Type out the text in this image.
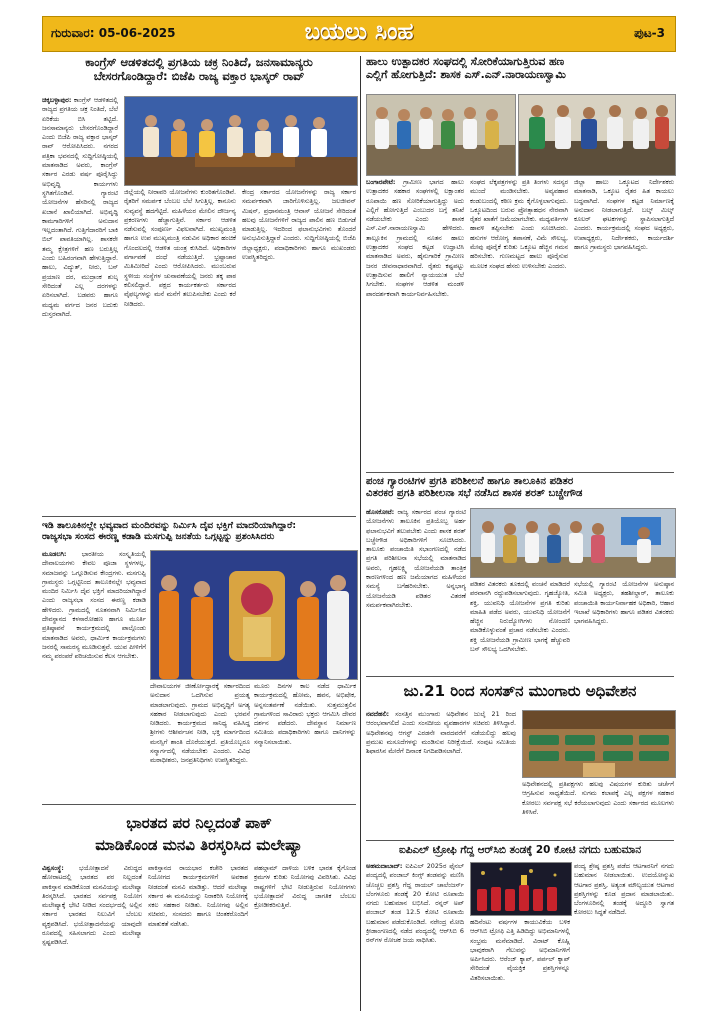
ಗುರುವಾರ: 05-06-2025	ಬಯಲು ಸಿಂಹ	ಪುಟ-3
ಕಾಂಗ್ರೆಸ್ ಆಡಳಿತದಲ್ಲಿ ಪ್ರಗತಿಯ ಚಕ್ರ ನಿಂತಿದೆ, ಜನಸಾಮಾನ್ಯರು
ಬೇಸರಗೊಂಡಿದ್ದಾರೆ: ಬಿಜೆಪಿ ರಾಜ್ಯ ವಕ್ತಾರ ಭಾಸ್ಕರ್ ರಾವ್

ಚಿಕ್ಕಬಳ್ಳಾಪುರ: ಕಾಂಗ್ರೆಸ್ ಆಡಳಿತದಲ್ಲಿ ರಾಜ್ಯದ ಪ್ರಗತಿಯ ಚಕ್ರ ನಿಂತಿದೆ, ಬೆಲೆ ಏರಿಕೆಯ ಬಿಸಿ ತಟ್ಟಿದೆ. ಜನಸಾಮಾನ್ಯರು ಬೇಸರಗೊಂಡಿದ್ದಾರೆ ಎಂದು ಬಿಜೆಪಿ ರಾಜ್ಯ ವಕ್ತಾರ ಭಾಸ್ಕರ್ ರಾವ್ ಆರೋಪಿಸಿದರು. ನಗರದ ಪತ್ರಿಕಾ ಭವನದಲ್ಲಿ ಸುದ್ದಿಗೋಷ್ಠಿಯಲ್ಲಿ ಮಾತನಾಡಿದ ಅವರು, ಕಾಂಗ್ರೆಸ್ ಸರ್ಕಾರ ಎರಡು ವರ್ಷ ಪೂರೈಸಿದ್ದು ಅಭಿವೃದ್ಧಿ ಕಾರ್ಯಗಳು ಸ್ಥಗಿತಗೊಂಡಿವೆ. ಗ್ಯಾರಂಟಿ ಯೋಜನೆಗಳ ಹೆಸರಿನಲ್ಲಿ ರಾಜ್ಯದ ಖಜಾನೆ ಖಾಲಿಯಾಗಿದೆ. ಅಭಿವೃದ್ಧಿ ಕಾಮಗಾರಿಗಳಿಗೆ ಅನುದಾನ ಇಲ್ಲದಂತಾಗಿದೆ. ಗುತ್ತಿಗೆದಾರರಿಗೆ ಬಾಕಿ ಬಿಲ್ ಪಾವತಿಯಾಗಿಲ್ಲ. ಶಾಸಕರೇ ತಮ್ಮ ಕ್ಷೇತ್ರಗಳಿಗೆ ಹಣ ಬರುತ್ತಿಲ್ಲ ಎಂದು ಬಹಿರಂಗವಾಗಿ ಹೇಳುತ್ತಿದ್ದಾರೆ. ಹಾಲು, ವಿದ್ಯುತ್, ನೀರು, ಬಸ್ ಪ್ರಯಾಣ ದರ, ಮುದ್ರಾಂಕ ಶುಲ್ಕ ಸೇರಿದಂತೆ ಎಲ್ಲ ದರಗಳನ್ನು ಏರಿಸಲಾಗಿದೆ. ಬಡವರು ಹಾಗೂ ಮಧ್ಯಮ ವರ್ಗದ ಜನರ ಬದುಕು ದುಸ್ತರವಾಗಿದೆ.

ಜಿಲ್ಲೆಯಲ್ಲಿ ನೀರಾವರಿ ಯೋಜನೆಗಳು ಕುಂಠಿತಗೊಂಡಿವೆ. ರೈತರಿಗೆ ಸಮರ್ಪಕ ಬೆಂಬಲ ಬೆಲೆ ಸಿಗುತ್ತಿಲ್ಲ. ಕಾನೂನು ಸುವ್ಯವಸ್ಥೆ ಹದಗೆಟ್ಟಿದೆ. ಮಹಿಳೆಯರ ಮೇಲಿನ ದೌರ್ಜನ್ಯ ಪ್ರಕರಣಗಳು ಹೆಚ್ಚಾಗುತ್ತಿವೆ. ಸರ್ಕಾರ ಆಡಳಿತ ನಡೆಸುವಲ್ಲಿ ಸಂಪೂರ್ಣ ವಿಫಲವಾಗಿದೆ. ಮುಖ್ಯಮಂತ್ರಿ ಹಾಗೂ ಉಪ ಮುಖ್ಯಮಂತ್ರಿ ನಡುವಿನ ಅಧಿಕಾರ ಹಂಚಿಕೆ ಗೊಂದಲದಲ್ಲಿ ಆಡಳಿತ ಯಂತ್ರ ಕುಸಿದಿದೆ. ಅಧಿಕಾರಿಗಳ ವರ್ಗಾವಣೆ ದಂಧೆ ನಡೆಯುತ್ತಿದೆ. ಭ್ರಷ್ಟಾಚಾರ ಮಿತಿಮೀರಿದೆ ಎಂದು ಆರೋಪಿಸಿದರು. ಮುಂಬರುವ ಸ್ಥಳೀಯ ಸಂಸ್ಥೆಗಳ ಚುನಾವಣೆಯಲ್ಲಿ ಜನರು ತಕ್ಕ ಪಾಠ ಕಲಿಸಲಿದ್ದಾರೆ. ಪಕ್ಷದ ಕಾರ್ಯಕರ್ತರು ಸರ್ಕಾರದ ವೈಫಲ್ಯಗಳನ್ನು ಮನೆ ಮನೆಗೆ ತಲುಪಿಸಬೇಕು ಎಂದು ಕರೆ ನೀಡಿದರು.

ಕೇಂದ್ರ ಸರ್ಕಾರದ ಯೋಜನೆಗಳನ್ನು ರಾಜ್ಯ ಸರ್ಕಾರ ಸಮರ್ಪಕವಾಗಿ ಜಾರಿಗೊಳಿಸುತ್ತಿಲ್ಲ. ಜಲಜೀವನ್ ಮಿಷನ್, ಪ್ರಧಾನಮಂತ್ರಿ ಆವಾಸ್ ಯೋಜನೆ ಸೇರಿದಂತೆ ಹಲವು ಯೋಜನೆಗಳಿಗೆ ರಾಜ್ಯದ ಪಾಲಿನ ಹಣ ಬಿಡುಗಡೆ ಮಾಡುತ್ತಿಲ್ಲ. ಇದರಿಂದ ಫಲಾನುಭವಿಗಳು ತೊಂದರೆ ಅನುಭವಿಸುತ್ತಿದ್ದಾರೆ ಎಂದರು. ಸುದ್ದಿಗೋಷ್ಠಿಯಲ್ಲಿ ಬಿಜೆಪಿ ಜಿಲ್ಲಾಧ್ಯಕ್ಷರು, ಪದಾಧಿಕಾರಿಗಳು ಹಾಗೂ ಮುಖಂಡರು ಉಪಸ್ಥಿತರಿದ್ದರು.

ಇಡಿ ತಾಲೂಕಿನಲ್ಲೇ ಭವ್ಯವಾದ ಮಂದಿರವನ್ನು ನಿರ್ಮಿಸಿ ದೈವ ಭಕ್ತಿಗೆ ಮಾದರಿಯಾಗಿದ್ದಾರೆ:
ರಾಜ್ಯಸಭಾ ಸಂಸದ ಈರಣ್ಣ ಕಡಾಡಿ ಮಸಗುಪ್ಪಿ ಜನತೆಯ ಒಗ್ಗಟ್ಟನ್ನು ಪ್ರಶಂಸಿಸಿದರು

ಮೂಡಲಗಿ: ಭಾರತೀಯ ಸಂಸ್ಕೃತಿಯಲ್ಲಿ ದೇವಾಲಯಗಳು ಕೇವಲ ಪೂಜಾ ಸ್ಥಳಗಳಲ್ಲ, ಸಮಾಜವನ್ನು ಒಗ್ಗೂಡಿಸುವ ಕೇಂದ್ರಗಳು. ಮಸಗುಪ್ಪಿ ಗ್ರಾಮಸ್ಥರು ಒಗ್ಗಟ್ಟಿನಿಂದ ತಾಲೂಕಿನಲ್ಲೇ ಭವ್ಯವಾದ ಮಂದಿರ ನಿರ್ಮಿಸಿ ದೈವ ಭಕ್ತಿಗೆ ಮಾದರಿಯಾಗಿದ್ದಾರೆ ಎಂದು ರಾಜ್ಯಸಭಾ ಸಂಸದ ಈರಣ್ಣ ಕಡಾಡಿ ಹೇಳಿದರು. ಗ್ರಾಮದಲ್ಲಿ ನೂತನವಾಗಿ ನಿರ್ಮಿಸಿದ ದೇವಸ್ಥಾನದ ಕಳಸಾರೋಹಣ ಹಾಗೂ ಮೂರ್ತಿ ಪ್ರತಿಷ್ಠಾಪನೆ ಕಾರ್ಯಕ್ರಮದಲ್ಲಿ ಪಾಲ್ಗೊಂಡು ಮಾತನಾಡಿದ ಅವರು, ಧಾರ್ಮಿಕ ಕಾರ್ಯಕ್ರಮಗಳು ಜನರಲ್ಲಿ ಸಾಮರಸ್ಯ ಮೂಡಿಸುತ್ತವೆ. ಯುವ ಪೀಳಿಗೆಗೆ ನಮ್ಮ ಪರಂಪರೆ ಪರಿಚಯಿಸುವ ಕೆಲಸ ಆಗಬೇಕು.

ದೇವಾಲಯಗಳ ಜೀರ್ಣೋದ್ಧಾರಕ್ಕೆ ಸರ್ಕಾರದಿಂದ ಅನುದಾನ ಒದಗಿಸುವ ಪ್ರಯತ್ನ ಮಾಡಲಾಗುವುದು. ಗ್ರಾಮದ ಅಭಿವೃದ್ಧಿಗೆ ಅಗತ್ಯ ಸಹಕಾರ ನೀಡಲಾಗುವುದು ಎಂದು ಭರವಸೆ ನೀಡಿದರು. ಕಾರ್ಯಕ್ರಮದ ಸಾನಿಧ್ಯ ವಹಿಸಿದ್ದ ಶ್ರೀಗಳು ಆಶೀರ್ವಚನ ನೀಡಿ, ಭಕ್ತಿ ಮಾರ್ಗದಿಂದ ಮನಸ್ಸಿಗೆ ಶಾಂತಿ ದೊರೆಯುತ್ತದೆ. ಪ್ರತಿಯೊಬ್ಬರೂ ಸನ್ಮಾರ್ಗದಲ್ಲಿ ನಡೆಯಬೇಕು ಎಂದರು. ವಿವಿಧ ಮಠಾಧೀಶರು, ಜನಪ್ರತಿನಿಧಿಗಳು ಉಪಸ್ಥಿತರಿದ್ದರು.

ಮೂರು ದಿನಗಳ ಕಾಲ ನಡೆದ ಧಾರ್ಮಿಕ ಕಾರ್ಯಕ್ರಮದಲ್ಲಿ ಹೋಮ, ಹವನ, ಅಭಿಷೇಕ, ಅನ್ನಸಂತರ್ಪಣೆ ನಡೆಯಿತು. ಸುತ್ತಮುತ್ತಲಿನ ಗ್ರಾಮಗಳಿಂದ ಸಾವಿರಾರು ಭಕ್ತರು ಆಗಮಿಸಿ ದೇವರ ದರ್ಶನ ಪಡೆದರು. ದೇವಸ್ಥಾನ ನಿರ್ಮಾಣ ಸಮಿತಿಯ ಪದಾಧಿಕಾರಿಗಳು ಹಾಗೂ ದಾನಿಗಳನ್ನು ಸನ್ಮಾನಿಸಲಾಯಿತು.

ಭಾರತದ ಪರ ನಿಲ್ಲದಂತೆ ಪಾಕ್
ಮಾಡಿಕೊಂಡ ಮನವಿ ತಿರಸ್ಕರಿಸಿದ ಮಲೇಷ್ಯಾ

ವಿಶ್ವಸಂಸ್ಥೆ: ಭಯೋತ್ಪಾದನೆ ವಿರುದ್ಧದ ಹೋರಾಟದಲ್ಲಿ ಭಾರತದ ಪರ ನಿಲ್ಲದಂತೆ ಪಾಕಿಸ್ತಾನ ಮಾಡಿಕೊಂಡ ಮನವಿಯನ್ನು ಮಲೇಷ್ಯಾ ತಿರಸ್ಕರಿಸಿದೆ. ಭಾರತದ ಸರ್ವಪಕ್ಷ ನಿಯೋಗ ಮಲೇಷ್ಯಾಕ್ಕೆ ಭೇಟಿ ನೀಡಿದ ಸಂದರ್ಭದಲ್ಲಿ ಅಲ್ಲಿನ ಸರ್ಕಾರ ಭಾರತದ ನಿಲುವಿಗೆ ಬೆಂಬಲ ವ್ಯಕ್ತಪಡಿಸಿದೆ. ಭಯೋತ್ಪಾದನೆಯನ್ನು ಯಾವುದೇ ರೂಪದಲ್ಲಿ ಸಹಿಸಲಾಗದು ಎಂದು ಮಲೇಷ್ಯಾ ಸ್ಪಷ್ಟಪಡಿಸಿದೆ.

ಪಾಕಿಸ್ತಾನದ ರಾಯಭಾರ ಕಚೇರಿ ಭಾರತದ ನಿಯೋಗದ ಕಾರ್ಯಕ್ರಮಗಳಿಗೆ ಅವಕಾಶ ನೀಡದಂತೆ ಮನವಿ ಮಾಡಿತ್ತು. ಆದರೆ ಮಲೇಷ್ಯಾ ಸರ್ಕಾರ ಈ ಮನವಿಯನ್ನು ನಿರಾಕರಿಸಿ ನಿಯೋಗಕ್ಕೆ ಸಕಲ ಸಹಕಾರ ನೀಡಿತು. ನಿಯೋಗವು ಅಲ್ಲಿನ ಸಚಿವರು, ಸಂಸದರು ಹಾಗೂ ಚಿಂತಕರೊಂದಿಗೆ ಮಾತುಕತೆ ನಡೆಸಿತು.

ಪಹಲ್ಗಾಮ್ ದಾಳಿಯ ಬಳಿಕ ಭಾರತ ಕೈಗೊಂಡ ಕ್ರಮಗಳ ಕುರಿತು ನಿಯೋಗವು ವಿವರಿಸಿತು. ವಿವಿಧ ರಾಷ್ಟ್ರಗಳಿಗೆ ಭೇಟಿ ನೀಡುತ್ತಿರುವ ನಿಯೋಗಗಳು ಭಯೋತ್ಪಾದನೆ ವಿರುದ್ಧ ಜಾಗತಿಕ ಬೆಂಬಲ ಕ್ರೋಡೀಕರಿಸುತ್ತಿವೆ.

ಹಾಲು ಉತ್ಪಾದಕರ ಸಂಘದಲ್ಲಿ ಸೋರಿಕೆಯಾಗುತ್ತಿರುವ ಹಣ
ಎಲ್ಲಿಗೆ ಹೋಗುತ್ತಿದೆ: ಶಾಸಕ ಎಸ್.ಎನ್.ನಾರಾಯಣಸ್ವಾಮಿ

ಬಂಗಾರಪೇಟೆ: ಗ್ರಾಮೀಣ ಭಾಗದ ಹಾಲು ಉತ್ಪಾದಕರ ಸಹಕಾರ ಸಂಘಗಳಲ್ಲಿ ಲಕ್ಷಾಂತರ ರೂಪಾಯಿ ಹಣ ಸೋರಿಕೆಯಾಗುತ್ತಿದ್ದು ಅದು ಎಲ್ಲಿಗೆ ಹೋಗುತ್ತಿದೆ ಎಂಬುದರ ಬಗ್ಗೆ ತನಿಖೆ ನಡೆಯಬೇಕು ಎಂದು ಶಾಸಕ ಎಸ್.ಎನ್.ನಾರಾಯಣಸ್ವಾಮಿ ಹೇಳಿದರು. ತಾಲ್ಲೂಕಿನ ಗ್ರಾಮದಲ್ಲಿ ನೂತನ ಹಾಲು ಉತ್ಪಾದಕರ ಸಂಘದ ಕಟ್ಟಡ ಉದ್ಘಾಟಿಸಿ ಮಾತನಾಡಿದ ಅವರು, ಹೈನುಗಾರಿಕೆ ಗ್ರಾಮೀಣ ಜನರ ಜೀವನಾಧಾರವಾಗಿದೆ. ರೈತರು ಕಷ್ಟಪಟ್ಟು ಉತ್ಪಾದಿಸುವ ಹಾಲಿಗೆ ನ್ಯಾಯಯುತ ಬೆಲೆ ಸಿಗಬೇಕು. ಸಂಘಗಳ ಆಡಳಿತ ಮಂಡಳಿ ಪಾರದರ್ಶಕವಾಗಿ ಕಾರ್ಯನಿರ್ವಹಿಸಬೇಕು.

ಸಂಘದ ಲೆಕ್ಕಪತ್ರಗಳನ್ನು ಪ್ರತಿ ತಿಂಗಳು ಸದಸ್ಯರ ಮುಂದೆ ಮಂಡಿಸಬೇಕು. ಅವ್ಯವಹಾರ ಕಂಡುಬಂದಲ್ಲಿ ಕಠಿಣ ಕ್ರಮ ಕೈಗೊಳ್ಳಲಾಗುವುದು. ಒಕ್ಕೂಟದಿಂದ ಬರುವ ಪ್ರೋತ್ಸಾಹಧನ ನೇರವಾಗಿ ರೈತರ ಖಾತೆಗೆ ಜಮೆಯಾಗಬೇಕು. ಮಧ್ಯವರ್ತಿಗಳ ಹಾವಳಿ ತಪ್ಪಿಸಬೇಕು ಎಂದು ಸೂಚಿಸಿದರು. ಹಸುಗಳ ಆರೋಗ್ಯ ತಪಾಸಣೆ, ವಿಮೆ ಸೌಲಭ್ಯ, ಮೇವು ಪೂರೈಕೆ ಕುರಿತು ಒಕ್ಕೂಟ ಹೆಚ್ಚಿನ ಗಮನ ಹರಿಸಬೇಕು. ಗುಣಮಟ್ಟದ ಹಾಲು ಪೂರೈಸುವ ಮೂಲಕ ಸಂಘದ ಹೆಸರು ಉಳಿಸಬೇಕು ಎಂದರು.

ಜಿಲ್ಲಾ ಹಾಲು ಒಕ್ಕೂಟದ ನಿರ್ದೇಶಕರು ಮಾತನಾಡಿ, ಒಕ್ಕೂಟ ರೈತರ ಹಿತ ಕಾಯಲು ಬದ್ಧವಾಗಿದೆ. ಸಂಘಗಳ ಕಟ್ಟಡ ನಿರ್ಮಾಣಕ್ಕೆ ಅನುದಾನ ನೀಡಲಾಗುತ್ತಿದೆ. ಬಲ್ಕ್ ಮಿಲ್ಕ್ ಕೂಲರ್ ಘಟಕಗಳನ್ನು ಸ್ಥಾಪಿಸಲಾಗುತ್ತಿದೆ ಎಂದರು. ಕಾರ್ಯಕ್ರಮದಲ್ಲಿ ಸಂಘದ ಅಧ್ಯಕ್ಷರು, ಉಪಾಧ್ಯಕ್ಷರು, ನಿರ್ದೇಶಕರು, ಕಾರ್ಯದರ್ಶಿ ಹಾಗೂ ಗ್ರಾಮಸ್ಥರು ಭಾಗವಹಿಸಿದ್ದರು.

ಪಂಚ ಗ್ಯಾರಂಟಿಗಳ ಪ್ರಗತಿ ಪರಿಶೀಲನೆ ಹಾಗೂ ತಾಲೂಕಿನ ಪಡಿತರ
ವಿತರಕರ ಪ್ರಗತಿ ಪರಿಶೀಲನಾ ಸಭೆ ನಡೆಸಿದ ಶಾಸಕ ಶರತ್ ಬಚ್ಚೇಗೌಡ

ಹೊಸಕೋಟೆ: ರಾಜ್ಯ ಸರ್ಕಾರದ ಪಂಚ ಗ್ಯಾರಂಟಿ ಯೋಜನೆಗಳು ತಾಲೂಕಿನ ಪ್ರತಿಯೊಬ್ಬ ಅರ್ಹ ಫಲಾನುಭವಿಗೆ ತಲುಪಬೇಕು ಎಂದು ಶಾಸಕ ಶರತ್ ಬಚ್ಚೇಗೌಡ ಅಧಿಕಾರಿಗಳಿಗೆ ಸೂಚಿಸಿದರು. ತಾಲೂಕು ಪಂಚಾಯಿತಿ ಸಭಾಂಗಣದಲ್ಲಿ ನಡೆದ ಪ್ರಗತಿ ಪರಿಶೀಲನಾ ಸಭೆಯಲ್ಲಿ ಮಾತನಾಡಿದ ಅವರು, ಗೃಹಲಕ್ಷ್ಮಿ ಯೋಜನೆಯಡಿ ತಾಂತ್ರಿಕ ಕಾರಣಗಳಿಂದ ಹಣ ಜಮೆಯಾಗದ ಮಹಿಳೆಯರ ಸಮಸ್ಯೆ ಬಗೆಹರಿಸಬೇಕು. ಅನ್ನಭಾಗ್ಯ ಯೋಜನೆಯಡಿ ಪಡಿತರ ವಿತರಣೆ ಸಮರ್ಪಕವಾಗಿರಬೇಕು.

ಪಡಿತರ ವಿತರಕರು ತೂಕದಲ್ಲಿ ವಂಚನೆ ಮಾಡಿದರೆ ಪರವಾನಗಿ ರದ್ದುಪಡಿಸಲಾಗುವುದು. ಗೃಹಜ್ಯೋತಿ, ಶಕ್ತಿ, ಯುವನಿಧಿ ಯೋಜನೆಗಳ ಪ್ರಗತಿ ಕುರಿತು ಮಾಹಿತಿ ಪಡೆದ ಅವರು, ಯುವನಿಧಿ ಯೋಜನೆಗೆ ಹೆಚ್ಚಿನ ನಿರುದ್ಯೋಗಿಗಳು ನೋಂದಣಿ ಮಾಡಿಕೊಳ್ಳುವಂತೆ ಪ್ರಚಾರ ನಡೆಸಬೇಕು ಎಂದರು. ಶಕ್ತಿ ಯೋಜನೆಯಡಿ ಗ್ರಾಮೀಣ ಭಾಗಕ್ಕೆ ಹೆಚ್ಚುವರಿ ಬಸ್ ಸೌಲಭ್ಯ ಒದಗಿಸಬೇಕು.

ಸಭೆಯಲ್ಲಿ ಗ್ಯಾರಂಟಿ ಯೋಜನೆಗಳ ಅನುಷ್ಠಾನ ಸಮಿತಿ ಅಧ್ಯಕ್ಷರು, ತಹಶೀಲ್ದಾರ್, ತಾಲೂಕು ಪಂಚಾಯಿತಿ ಕಾರ್ಯನಿರ್ವಾಹಕ ಅಧಿಕಾರಿ, ಆಹಾರ ಇಲಾಖೆ ಅಧಿಕಾರಿಗಳು ಹಾಗೂ ಪಡಿತರ ವಿತರಕರು ಭಾಗವಹಿಸಿದ್ದರು.

ಜು.21 ರಿಂದ ಸಂಸತ್‌ನ ಮುಂಗಾರು ಅಧಿವೇಶನ

ನವದೆಹಲಿ: ಸಂಸತ್ತಿನ ಮುಂಗಾರು ಅಧಿವೇಶನ ಜುಲೈ 21 ರಿಂದ ಆರಂಭವಾಗಲಿದೆ ಎಂದು ಸಂಸದೀಯ ವ್ಯವಹಾರಗಳ ಸಚಿವರು ತಿಳಿಸಿದ್ದಾರೆ. ಅಧಿವೇಶನವು ಆಗಸ್ಟ್ ಎರಡನೇ ವಾರದವರೆಗೆ ನಡೆಯಲಿದ್ದು ಹಲವು ಪ್ರಮುಖ ಮಸೂದೆಗಳನ್ನು ಮಂಡಿಸುವ ನಿರೀಕ್ಷೆಯಿದೆ. ಸಂಪುಟ ಸಮಿತಿಯ ಶಿಫಾರಸಿನ ಮೇರೆಗೆ ದಿನಾಂಕ ನಿಗದಿಪಡಿಸಲಾಗಿದೆ.

ಅಧಿವೇಶನದಲ್ಲಿ ಪ್ರತಿಪಕ್ಷಗಳು ಹಲವು ವಿಷಯಗಳ ಕುರಿತು ಚರ್ಚೆಗೆ ಆಗ್ರಹಿಸುವ ಸಾಧ್ಯತೆಯಿದೆ. ಸುಗಮ ಕಲಾಪಕ್ಕೆ ಎಲ್ಲ ಪಕ್ಷಗಳ ಸಹಕಾರ ಕೋರಲು ಸರ್ವಪಕ್ಷ ಸಭೆ ಕರೆಯಲಾಗುವುದು ಎಂದು ಸರ್ಕಾರದ ಮೂಲಗಳು ತಿಳಿಸಿವೆ.

ಐಪಿಎಲ್ ಟ್ರೋಫಿ ಗೆದ್ದ ಆರ್‌ಸಿಬಿ ತಂಡಕ್ಕೆ 20 ಕೋಟಿ ನಗದು ಬಹುಮಾನ

ಅಹಮದಾಬಾದ್: ಐಪಿಎಲ್ 2025ರ ಫೈನಲ್ ಪಂದ್ಯದಲ್ಲಿ ಪಂಜಾಬ್ ಕಿಂಗ್ಸ್ ತಂಡವನ್ನು ಮಣಿಸಿ ಚೊಚ್ಚಲ ಪ್ರಶಸ್ತಿ ಗೆದ್ದ ರಾಯಲ್ ಚಾಲೆಂಜರ್ಸ್ ಬೆಂಗಳೂರು ತಂಡಕ್ಕೆ 20 ಕೋಟಿ ರೂಪಾಯಿ ನಗದು ಬಹುಮಾನ ಲಭಿಸಿದೆ. ರನ್ನರ್ ಅಪ್ ಪಂಜಾಬ್ ತಂಡ 12.5 ಕೋಟಿ ರೂಪಾಯಿ ಬಹುಮಾನ ಪಡೆದುಕೊಂಡಿದೆ. ನರೇಂದ್ರ ಮೋದಿ ಕ್ರೀಡಾಂಗಣದಲ್ಲಿ ನಡೆದ ಪಂದ್ಯದಲ್ಲಿ ಆರ್‌ಸಿಬಿ 6 ರನ್‌ಗಳ ರೋಚಕ ಜಯ ಸಾಧಿಸಿತು.

ಹದಿನೆಂಟು ವರ್ಷಗಳ ಕಾಯುವಿಕೆಯ ಬಳಿಕ ಆರ್‌ಸಿಬಿ ಟ್ರೋಫಿ ಎತ್ತಿ ಹಿಡಿದಿದ್ದು ಅಭಿಮಾನಿಗಳಲ್ಲಿ ಸಂಭ್ರಮ ಮನೆಮಾಡಿದೆ. ವಿರಾಟ್ ಕೊಹ್ಲಿ ಭಾವುಕರಾಗಿ ಗೆಲುವನ್ನು ಅಭಿಮಾನಿಗಳಿಗೆ ಅರ್ಪಿಸಿದರು. ಆರೆಂಜ್ ಕ್ಯಾಪ್, ಪರ್ಪಲ್ ಕ್ಯಾಪ್ ಸೇರಿದಂತೆ ವೈಯಕ್ತಿಕ ಪ್ರಶಸ್ತಿಗಳನ್ನೂ ವಿತರಿಸಲಾಯಿತು.

ಪಂದ್ಯ ಶ್ರೇಷ್ಠ ಪ್ರಶಸ್ತಿ ಪಡೆದ ಆಟಗಾರನಿಗೆ ನಗದು ಬಹುಮಾನ ನೀಡಲಾಯಿತು. ಉದಯೋನ್ಮುಖ ಆಟಗಾರ ಪ್ರಶಸ್ತಿ, ಅತ್ಯಂತ ಮೌಲ್ಯಯುತ ಆಟಗಾರ ಪ್ರಶಸ್ತಿಗಳನ್ನು ಕೂಡ ಪ್ರದಾನ ಮಾಡಲಾಯಿತು. ಬೆಂಗಳೂರಿನಲ್ಲಿ ತಂಡಕ್ಕೆ ಅದ್ಧೂರಿ ಸ್ವಾಗತ ಕೋರಲು ಸಿದ್ಧತೆ ನಡೆದಿದೆ.
